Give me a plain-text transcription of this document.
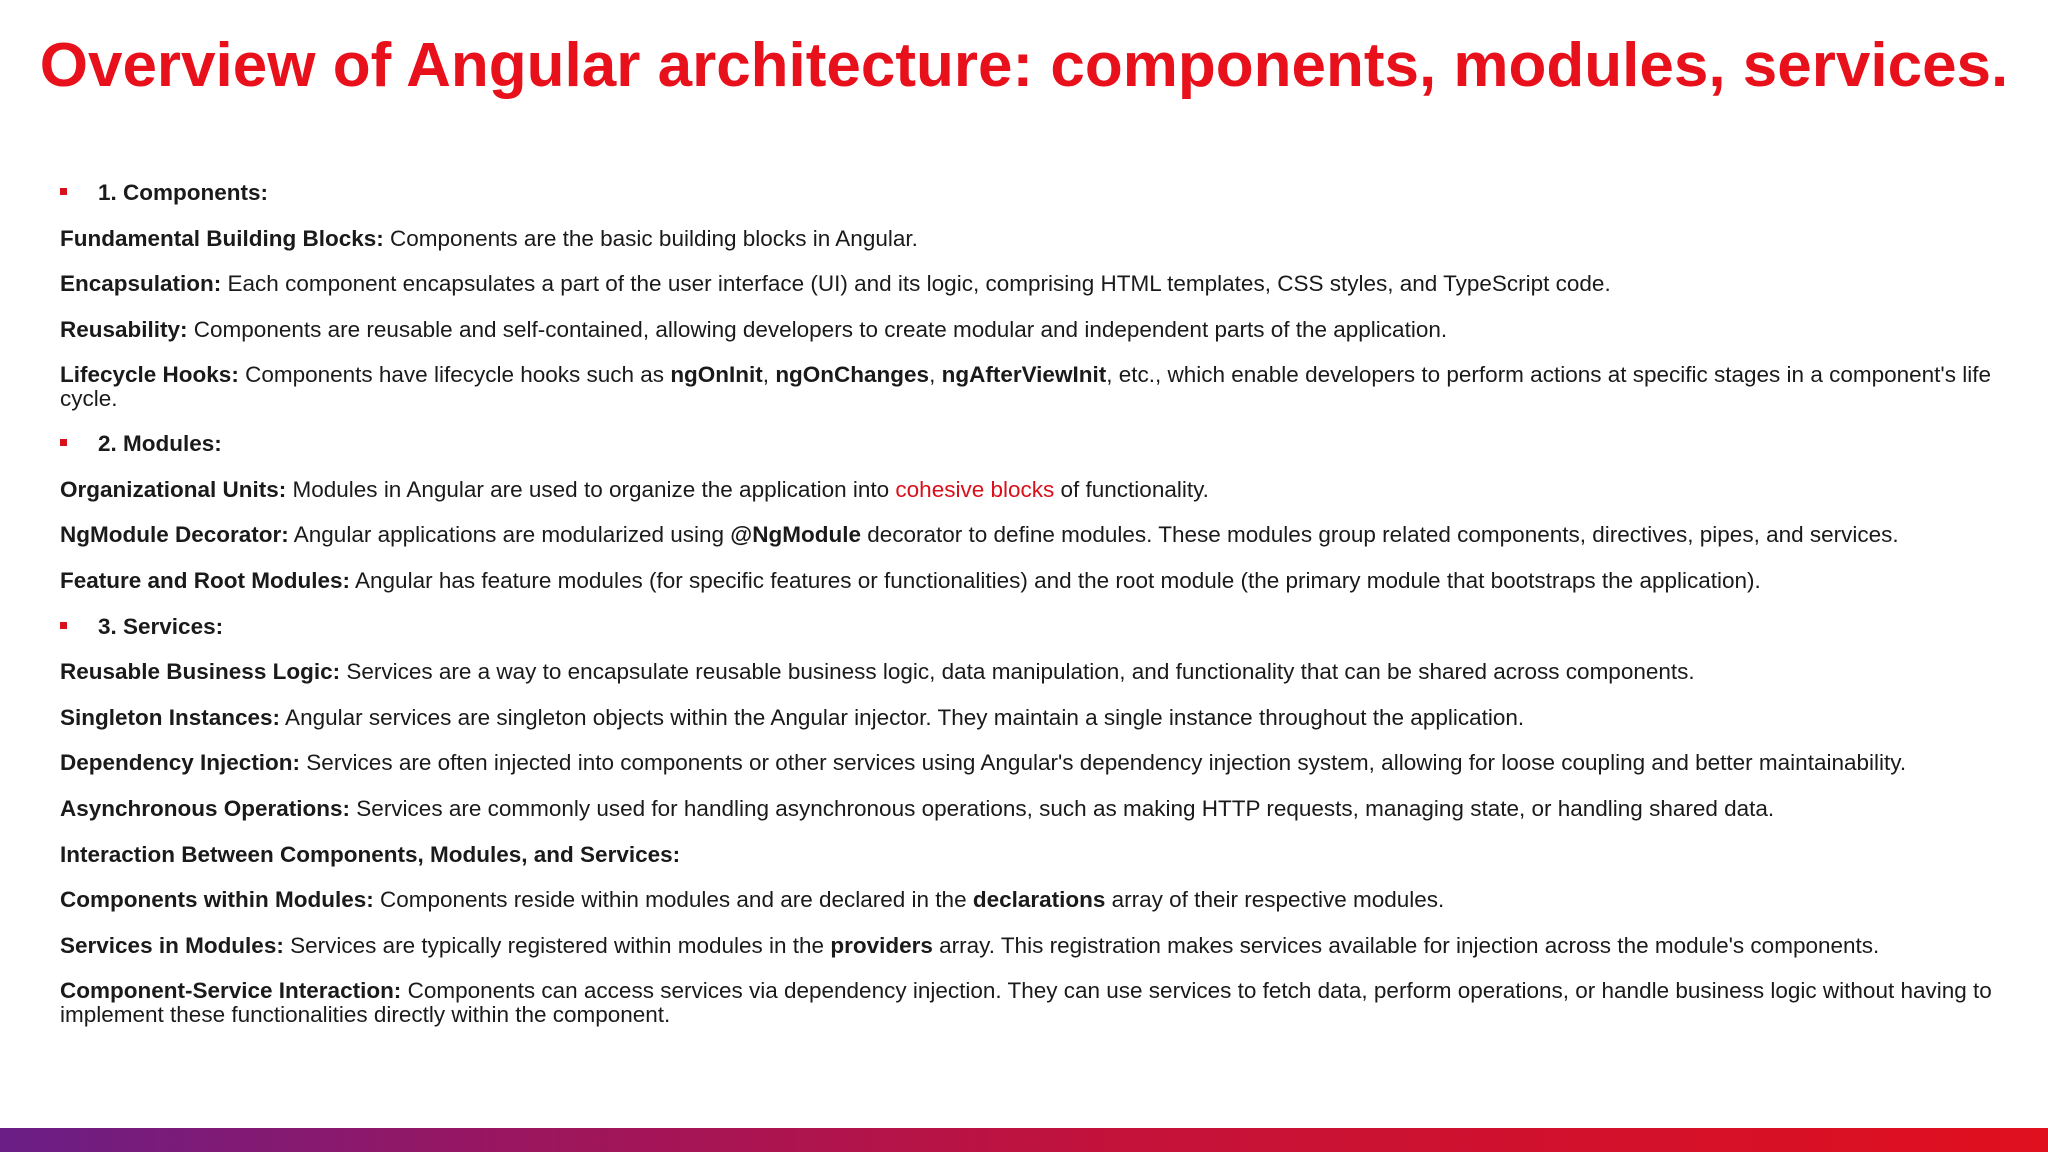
Overview of Angular architecture: components, modules, services.
1. Components:

Fundamental Building Blocks: Components are the basic building blocks in Angular.

Encapsulation: Each component encapsulates a part of the user interface (UI) and its logic, comprising HTML templates, CSS styles, and TypeScript code.

Reusability: Components are reusable and self-contained, allowing developers to create modular and independent parts of the application.

Lifecycle Hooks: Components have lifecycle hooks such as ngOnInit, ngOnChanges, ngAfterViewInit, etc., which enable developers to perform actions at specific stages in a component's life cycle.

2. Modules:

Organizational Units: Modules in Angular are used to organize the application into cohesive blocks of functionality.

NgModule Decorator: Angular applications are modularized using @NgModule decorator to define modules. These modules group related components, directives, pipes, and services.

Feature and Root Modules: Angular has feature modules (for specific features or functionalities) and the root module (the primary module that bootstraps the application).

3. Services:

Reusable Business Logic: Services are a way to encapsulate reusable business logic, data manipulation, and functionality that can be shared across components.

Singleton Instances: Angular services are singleton objects within the Angular injector. They maintain a single instance throughout the application.

Dependency Injection: Services are often injected into components or other services using Angular's dependency injection system, allowing for loose coupling and better maintainability.

Asynchronous Operations: Services are commonly used for handling asynchronous operations, such as making HTTP requests, managing state, or handling shared data.

Interaction Between Components, Modules, and Services:

Components within Modules: Components reside within modules and are declared in the declarations array of their respective modules.

Services in Modules: Services are typically registered within modules in the providers array. This registration makes services available for injection across the module's components.

Component-Service Interaction: Components can access services via dependency injection. They can use services to fetch data, perform operations, or handle business logic without having to implement these functionalities directly within the component.
